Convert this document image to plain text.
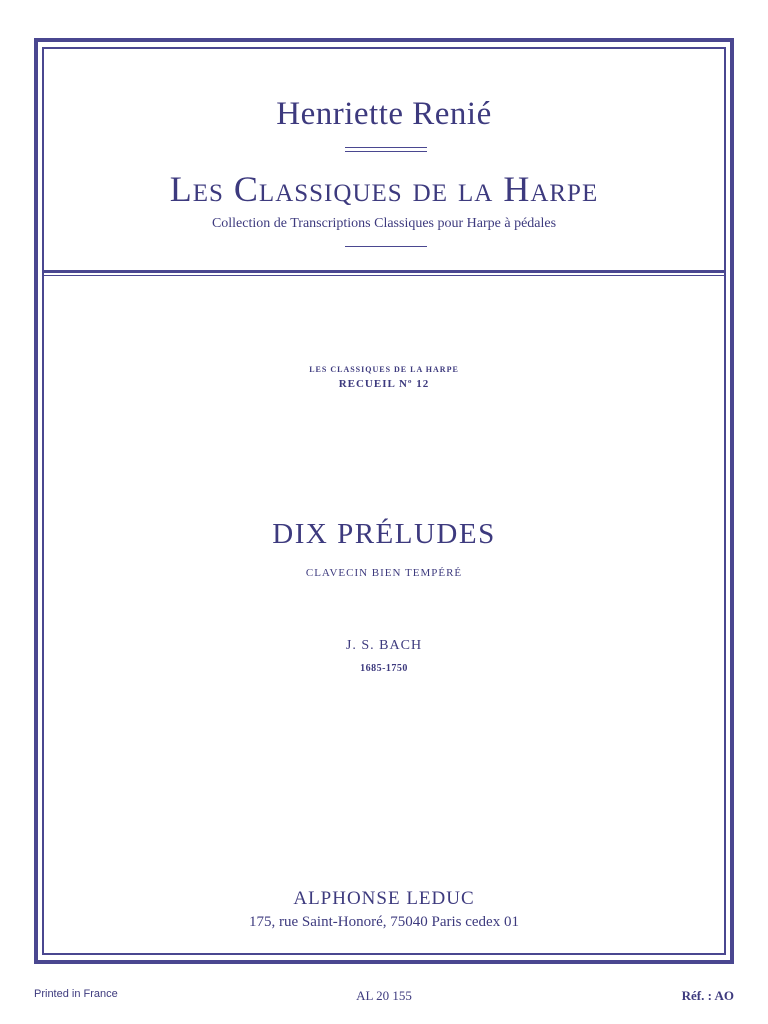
Henriette Renié
Les Classiques de la Harpe
Collection de Transcriptions Classiques pour Harpe à pédales
LES CLASSIQUES DE LA HARPE
RECUEIL Nº 12
DIX PRÉLUDES
CLAVECIN BIEN TEMPÉRÉ
J. S. BACH
1685-1750
ALPHONSE LEDUC
175, rue Saint-Honoré, 75040 Paris cedex 01
Printed in France	AL 20 155	Réf. : AO
